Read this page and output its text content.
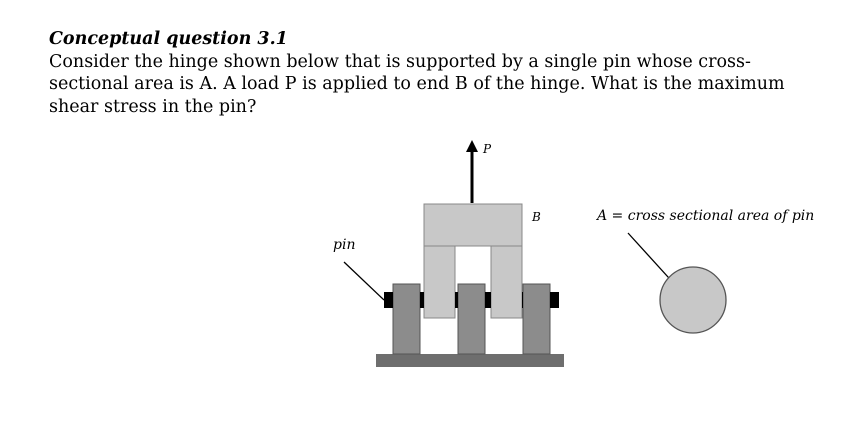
Conceptual question 3.1

Consider the hinge shown below that is supported by a single pin whose cross-
sectional area is A. A load P is applied to end B of the hinge. What is the maximum
shear stress in the pin?

P
B
pin
A = cross sectional area of pin
